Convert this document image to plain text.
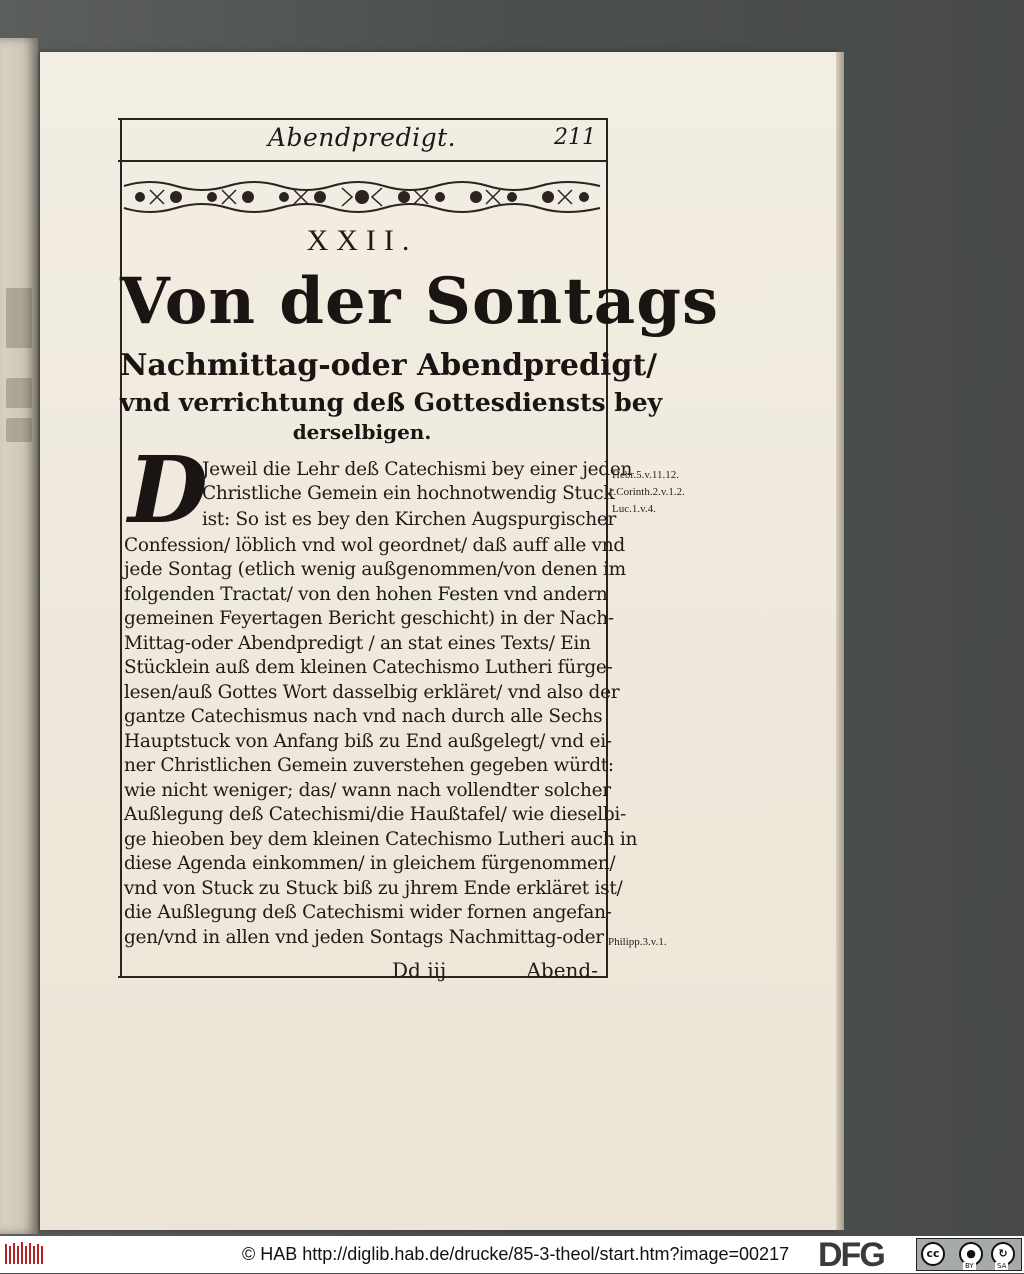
Abendpredigt.	211
XXII.
Von der Sontags
Nachmittag-oder Abendpredigt/
vnd verrichtung deß Gottesdiensts bey
derselbigen.
D
Jeweil die Lehr deß Catechismi bey einer jeden
Christliche Gemein ein hochnotwendig Stuck
ist: So ist es bey den Kirchen Augspurgischer
Confession/ löblich vnd wol geordnet/ daß auff alle vnd
jede Sontag (etlich wenig außgenommen/von denen im
folgenden Tractat/ von den hohen Festen vnd andern
gemeinen Feyertagen Bericht geschicht) in der Nach-
Mittag-oder Abendpredigt / an stat eines Texts/ Ein
Stücklein auß dem kleinen Catechismo Lutheri fürge-
lesen/auß Gottes Wort dasselbig erkläret/ vnd also der
gantze Catechismus nach vnd nach durch alle Sechs
Hauptstuck von Anfang biß zu End außgelegt/ vnd ei-
ner Christlichen Gemein zuverstehen gegeben würdt:
wie nicht weniger; das/ wann nach vollendter solcher
Außlegung deß Catechismi/die Haußtafel/ wie dieselbi-
ge hieoben bey dem kleinen Catechismo Lutheri auch in
diese Agenda einkommen/ in gleichem fürgenommen/
vnd von Stuck zu Stuck biß zu jhrem Ende erkläret ist/
die Außlegung deß Catechismi wider fornen angefan-
gen/vnd in allen vnd jeden Sontags Nachmittag-oder
Hebr.5.v.11.12.
1.Corinth.2.v.1.2.
Luc.1.v.4.
Philipp.3.v.1.
Dd iij	Abend-
© HAB http://diglib.hab.de/drucke/85-3-theol/start.htm?image=00217 DFG	cc	●	↻
BY	SA
